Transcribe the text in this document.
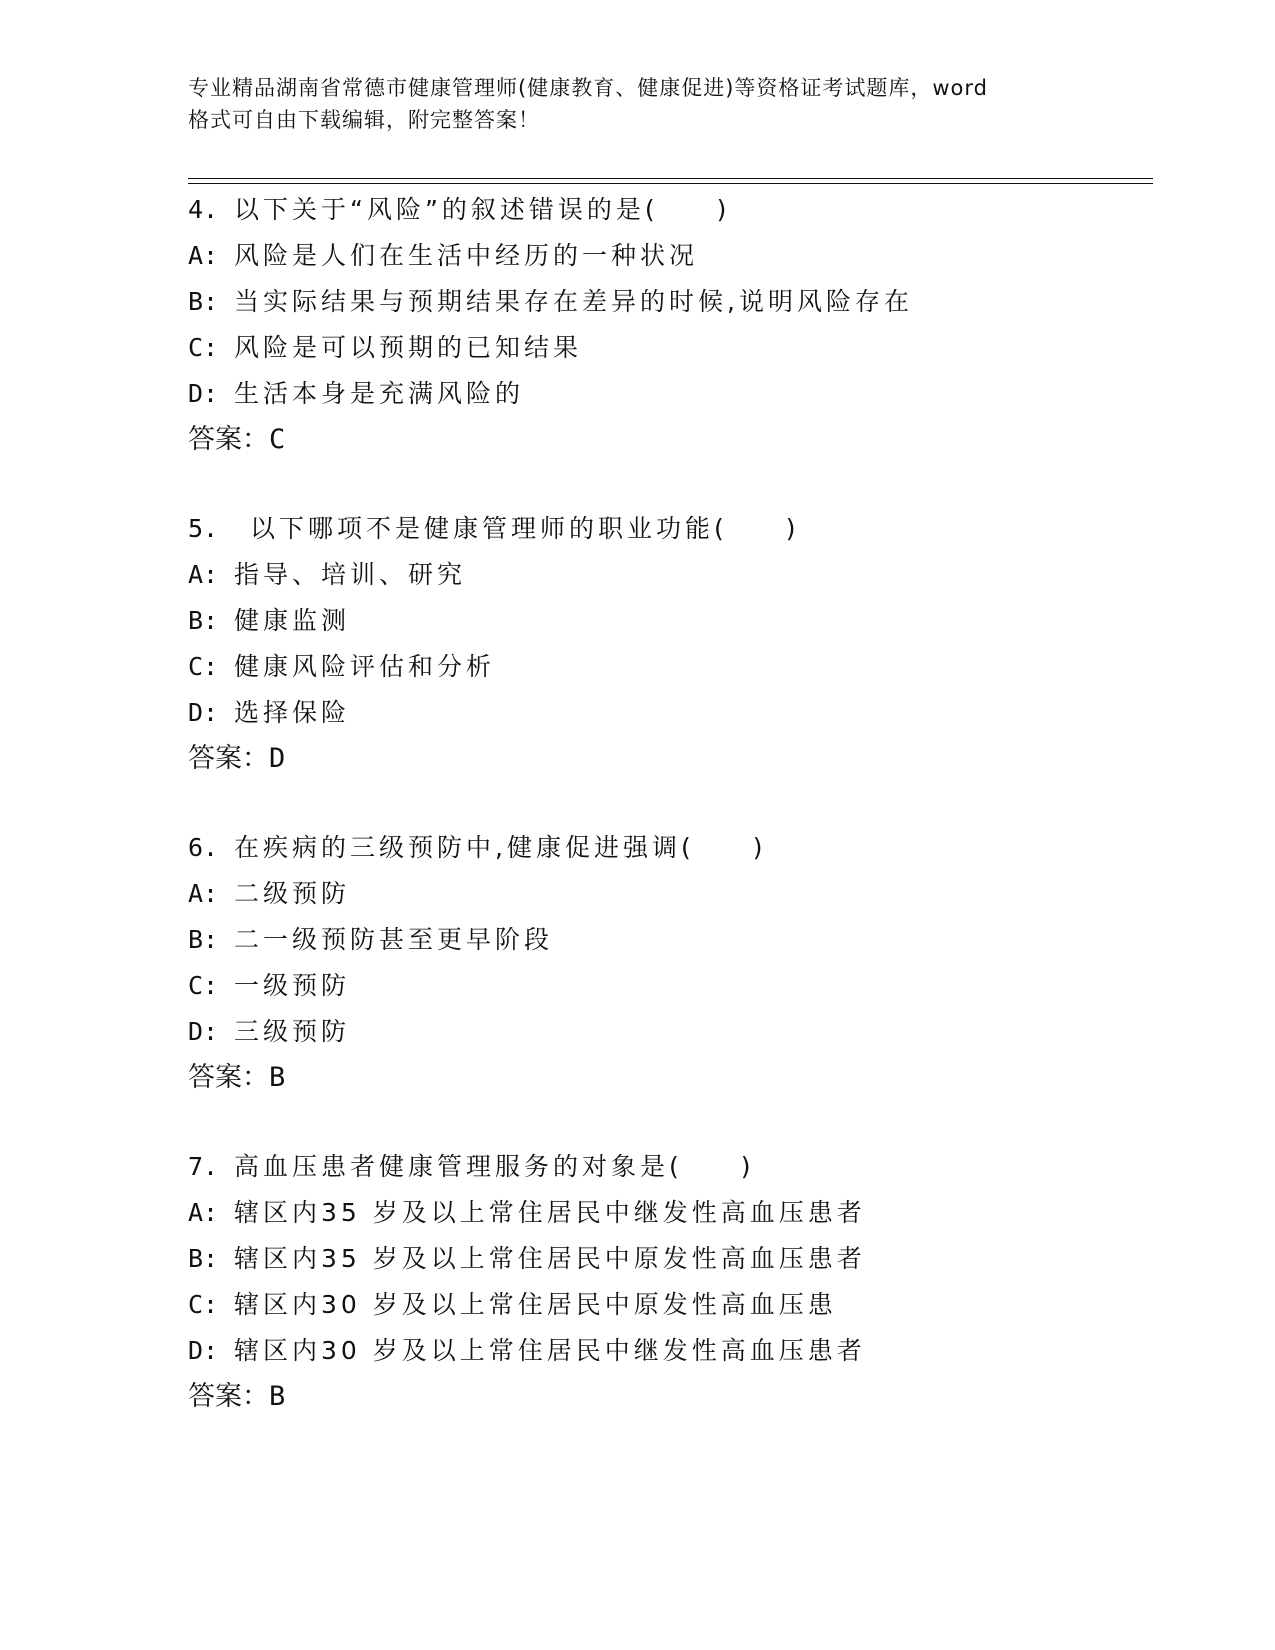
专业精品湖南省常德市健康管理师(健康教育、健康促进)等资格证考试题库，word
格式可自由下载编辑，附完整答案！
4. 以下关于“风险”的叙述错误的是(　　)
A: 风险是人们在生活中经历的一种状况
B: 当实际结果与预期结果存在差异的时候,说明风险存在
C: 风险是可以预期的已知结果
D: 生活本身是充满风险的
答案：C
5. 以下哪项不是健康管理师的职业功能(　　)
A: 指导、培训、研究
B: 健康监测
C: 健康风险评估和分析
D: 选择保险
答案：D
6. 在疾病的三级预防中,健康促进强调(　　)
A: 二级预防
B: 二一级预防甚至更早阶段
C: 一级预防
D: 三级预防
答案：B
7. 高血压患者健康管理服务的对象是(　　)
A: 辖区内35 岁及以上常住居民中继发性高血压患者
B: 辖区内35 岁及以上常住居民中原发性高血压患者
C: 辖区内30 岁及以上常住居民中原发性高血压患
D: 辖区内30 岁及以上常住居民中继发性高血压患者
答案：B
